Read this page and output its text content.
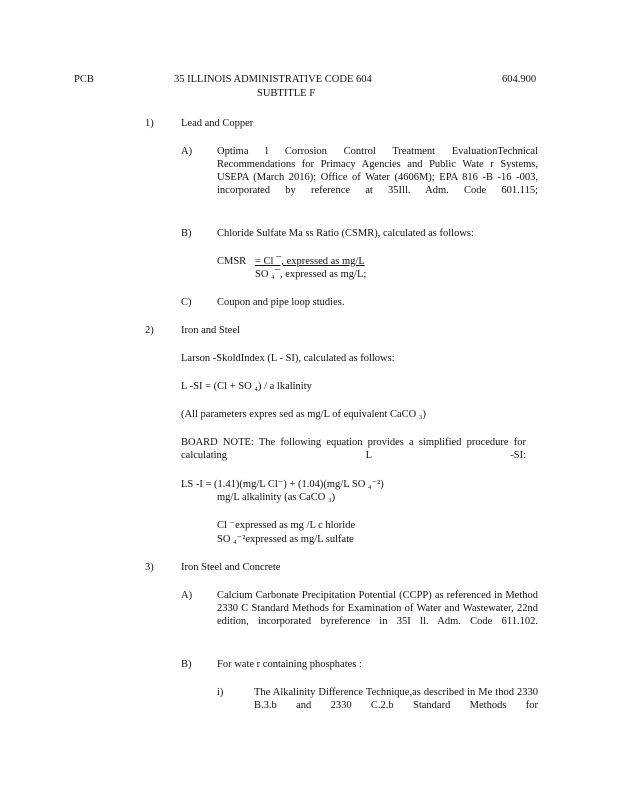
PCB	35 ILLINOIS ADMINISTRATIVE CODE 604
SUBTITLE F
604.900
1)	Lead and Copper
A) Optima l Corrosion Control Treatment EvaluationTechnical Recommendations for Primacy Agencies and Public Wate r Systems, USEPA (March 2016); Office of Water (4606M); EPA 816 -B -16 -003, incorporated by reference at 35Ill. Adm. Code 601.115;
B) Chloride Sulfate Ma ss Ratio (CSMR), calculated as follows:
CMSR = Cl ¯, expressed as mg/L
SO ₄¯, expressed as mg/L;
C) Coupon and pipe loop studies.
2)	Iron and Steel
Larson -SkoldIndex (L - SI), calculated as follows:
L -SI = (Cl + SO ₄) / a lkalinity
(All parameters expres sed as mg/L of equivalent CaCO ₃)
BOARD NOTE: The following equation provides a simplified procedure for calculating L -SI:
LS -I = (1.41)(mg/L Cl⁻) + (1.04)(mg/L SO ₄⁻²)
mg/L alkalinity (as CaCO ₃)
Cl ⁻expressed as mg /L c hloride
SO ₄⁻²expressed as mg/L sulfate
3)	Iron Steel and Concrete
A) Calcium Carbonate Precipitation Potential (CCPP) as referenced in Method 2330 C Standard Methods for Examination of Water and Wastewater, 22nd edition, incorporated byreference in 35I ll. Adm. Code 611.102.
B) For wate r containing phosphates :
i)	The Alkalinity Difference Technique,as described in Me thod 2330 B.3.b and 2330 C.2.b Standard Methods for
